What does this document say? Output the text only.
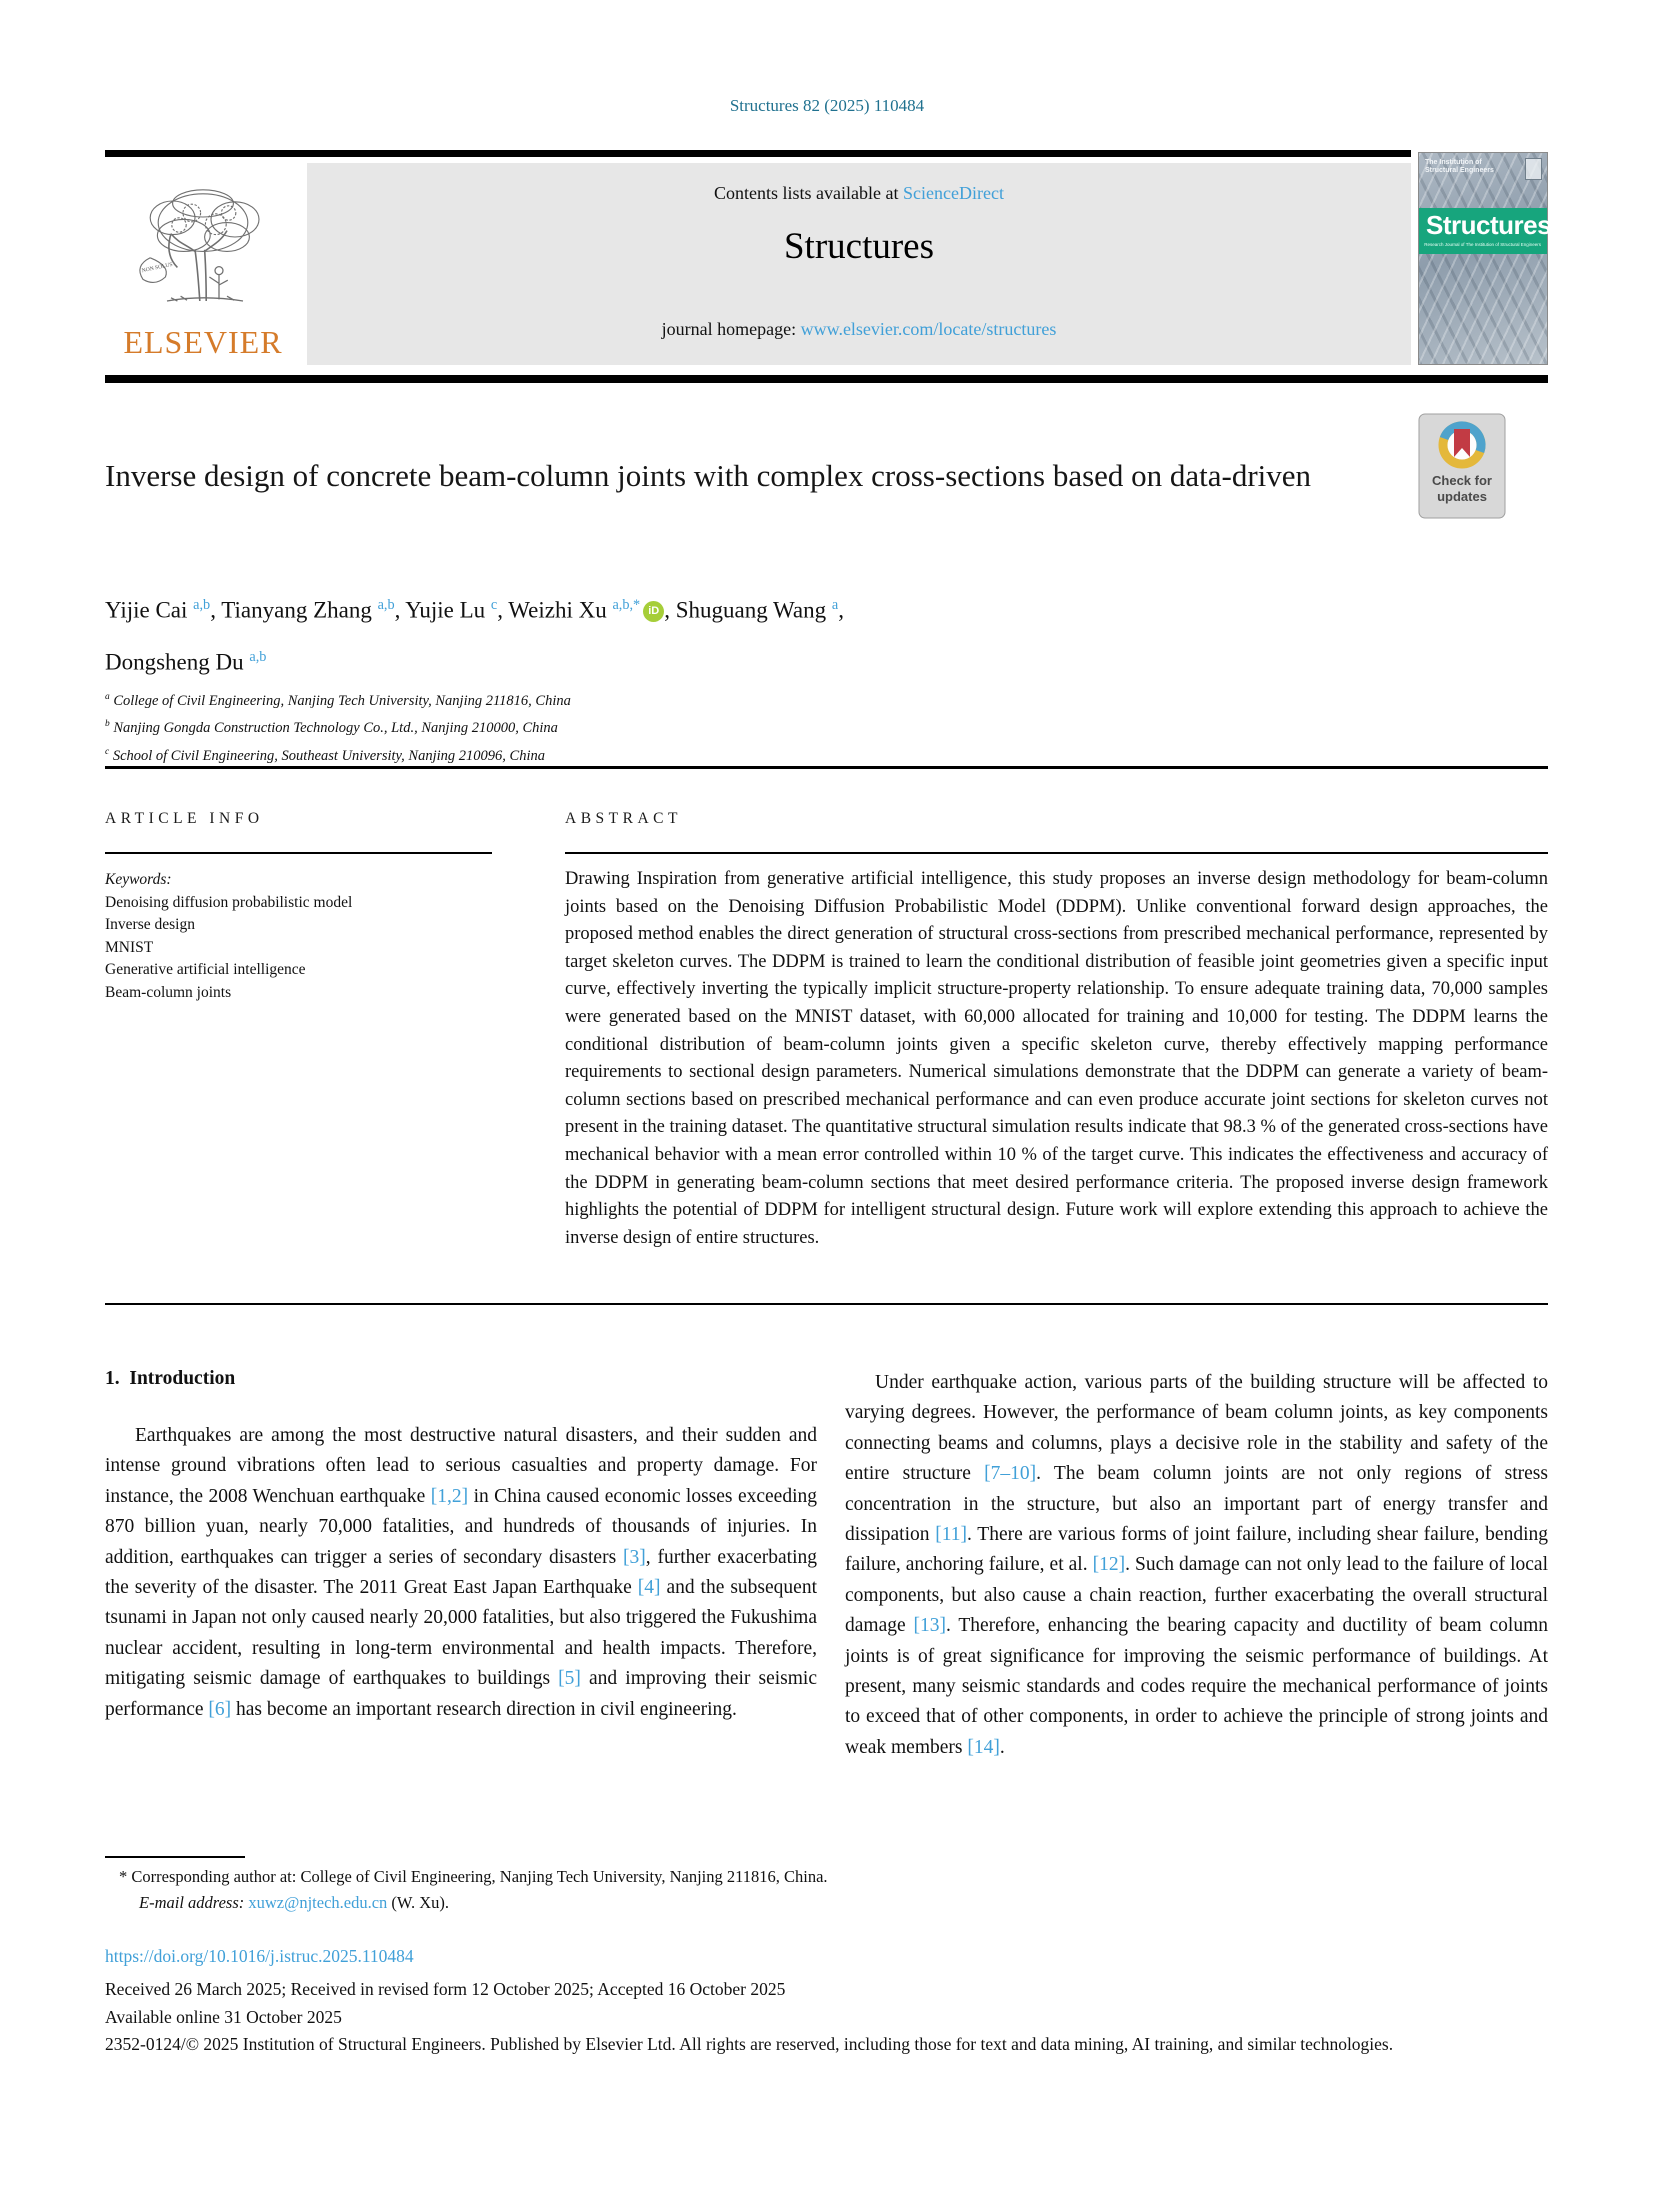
Structures 82 (2025) 110484
NON SOLUS
ELSEVIER
Contents lists available at ScienceDirect
Structures
journal homepage: www.elsevier.com/locate/structures
The Institution of
Structural Engineers
Structures
Research Journal of The Institution of Structural Engineers
Inverse design of concrete beam-column joints with complex cross-sections based on data-driven	Check for
updates
Yijie Cai $^{a,b}$, Tianyang Zhang $^{a,b}$, Yujie Lu $^c$, Weizhi Xu $^{a,b,*}$ iD , Shuguang Wang $^a$,
Dongsheng Du $^{a,b}$
$^a$ College of Civil Engineering, Nanjing Tech University, Nanjing 211816, China
$^b$ Nanjing Gongda Construction Technology Co., Ltd., Nanjing 210000, China
$^c$ School of Civil Engineering, Southeast University, Nanjing 210096, China
ARTICLE INFO	ABSTRACT
Keywords:
Denoising diffusion probabilistic model
Inverse design
MNIST
Generative artificial intelligence
Beam-column joints
Drawing Inspiration from generative artificial intelligence, this study proposes an inverse design methodology for beam-column joints based on the Denoising Diffusion Probabilistic Model (DDPM). Unlike conventional forward design approaches, the proposed method enables the direct generation of structural cross-sections from prescribed mechanical performance, represented by target skeleton curves. The DDPM is trained to learn the conditional distribution of feasible joint geometries given a specific input curve, effectively inverting the typically implicit structure-property relationship. To ensure adequate training data, 70,000 samples were generated based on the MNIST dataset, with 60,000 allocated for training and 10,000 for testing. The DDPM learns the conditional distribution of beam-column joints given a specific skeleton curve, thereby effectively mapping performance requirements to sectional design parameters. Numerical simulations demonstrate that the DDPM can generate a variety of beam-column sections based on prescribed mechanical performance and can even produce accurate joint sections for skeleton curves not present in the training dataset. The quantitative structural simulation results indicate that 98.3 % of the generated cross-sections have mechanical behavior with a mean error controlled within 10 % of the target curve. This indicates the effectiveness and accuracy of the DDPM in generating beam-column sections that meet desired performance criteria. The proposed inverse design framework highlights the potential of DDPM for intelligent structural design. Future work will explore extending this approach to achieve the inverse design of entire structures.
1.  Introduction

Earthquakes are among the most destructive natural disasters, and their sudden and intense ground vibrations often lead to serious casualties and property damage. For instance, the 2008 Wenchuan earthquake [1,2] in China caused economic losses exceeding 870 billion yuan, nearly 70,000 fatalities, and hundreds of thousands of injuries. In addition, earthquakes can trigger a series of secondary disasters [3], further exacerbating the severity of the disaster. The 2011 Great East Japan Earthquake [4] and the subsequent tsunami in Japan not only caused nearly 20,000 fatalities, but also triggered the Fukushima nuclear accident, resulting in long-term environmental and health impacts. Therefore, mitigating seismic damage of earthquakes to buildings [5] and improving their seismic performance [6] has become an important research direction in civil engineering.

Under earthquake action, various parts of the building structure will be affected to varying degrees. However, the performance of beam column joints, as key components connecting beams and columns, plays a decisive role in the stability and safety of the entire structure [7–10]. The beam column joints are not only regions of stress concentration in the structure, but also an important part of energy transfer and dissipation [11]. There are various forms of joint failure, including shear failure, bending failure, anchoring failure, et al. [12]. Such damage can not only lead to the failure of local components, but also cause a chain reaction, further exacerbating the overall structural damage [13]. Therefore, enhancing the bearing capacity and ductility of beam column joints is of great significance for improving the seismic performance of buildings. At present, many seismic standards and codes require the mechanical performance of joints to exceed that of other components, in order to achieve the principle of strong joints and weak members [14].

* Corresponding author at: College of Civil Engineering, Nanjing Tech University, Nanjing 211816, China.
E-mail address: xuwz@njtech.edu.cn (W. Xu).
https://doi.org/10.1016/j.istruc.2025.110484
Received 26 March 2025; Received in revised form 12 October 2025; Accepted 16 October 2025
Available online 31 October 2025
2352-0124/© 2025 Institution of Structural Engineers. Published by Elsevier Ltd. All rights are reserved, including those for text and data mining, AI training, and similar technologies.
